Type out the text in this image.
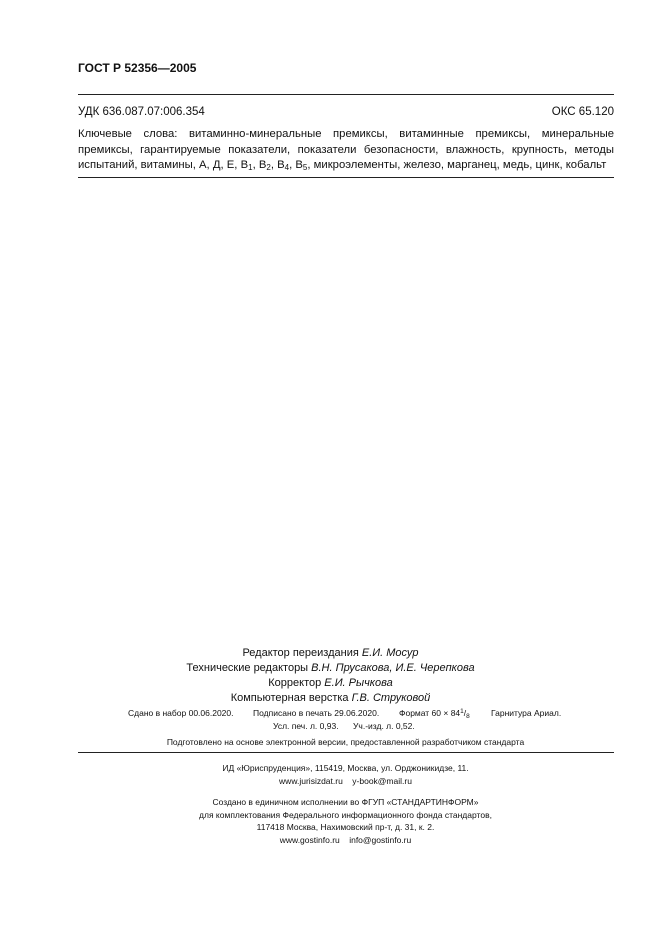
ГОСТ Р 52356—2005
УДК 636.087.07:006.354	ОКС 65.120
Ключевые слова: витаминно-минеральные премиксы, витаминные премиксы, минеральные премиксы, гарантируемые показатели, показатели безопасности, влажность, крупность, методы испытаний, витамины, А, Д, Е, $В_1$, $В_2$, $В_4$, $В_5$, микроэлементы, железо, марганец, медь, цинк, кобальт
Редактор переиздания Е.И. Мосур
Технические редакторы В.Н. Прусакова, И.Е. Черепкова
Корректор Е.И. Рычкова
Компьютерная верстка Г.В. Струковой
Сдано в набор 00.06.2020. Подписано в печать 29.06.2020. Формат $60 \times 84^1/_8$ Гарнитура Ариал.
Усл. печ. л. 0,93. Уч.-изд. л. 0,52.
Подготовлено на основе электронной версии, предоставленной разработчиком стандарта
ИД «Юриспруденция», 115419, Москва, ул. Орджоникидзе, 11.
www.jurisizdat.ru y-book@mail.ru
Создано в единичном исполнении во ФГУП «СТАНДАРТИНФОРМ»
для комплектования Федерального информационного фонда стандартов,
117418 Москва, Нахимовский пр-т, д. 31, к. 2.
www.gostinfo.ru info@gostinfo.ru
